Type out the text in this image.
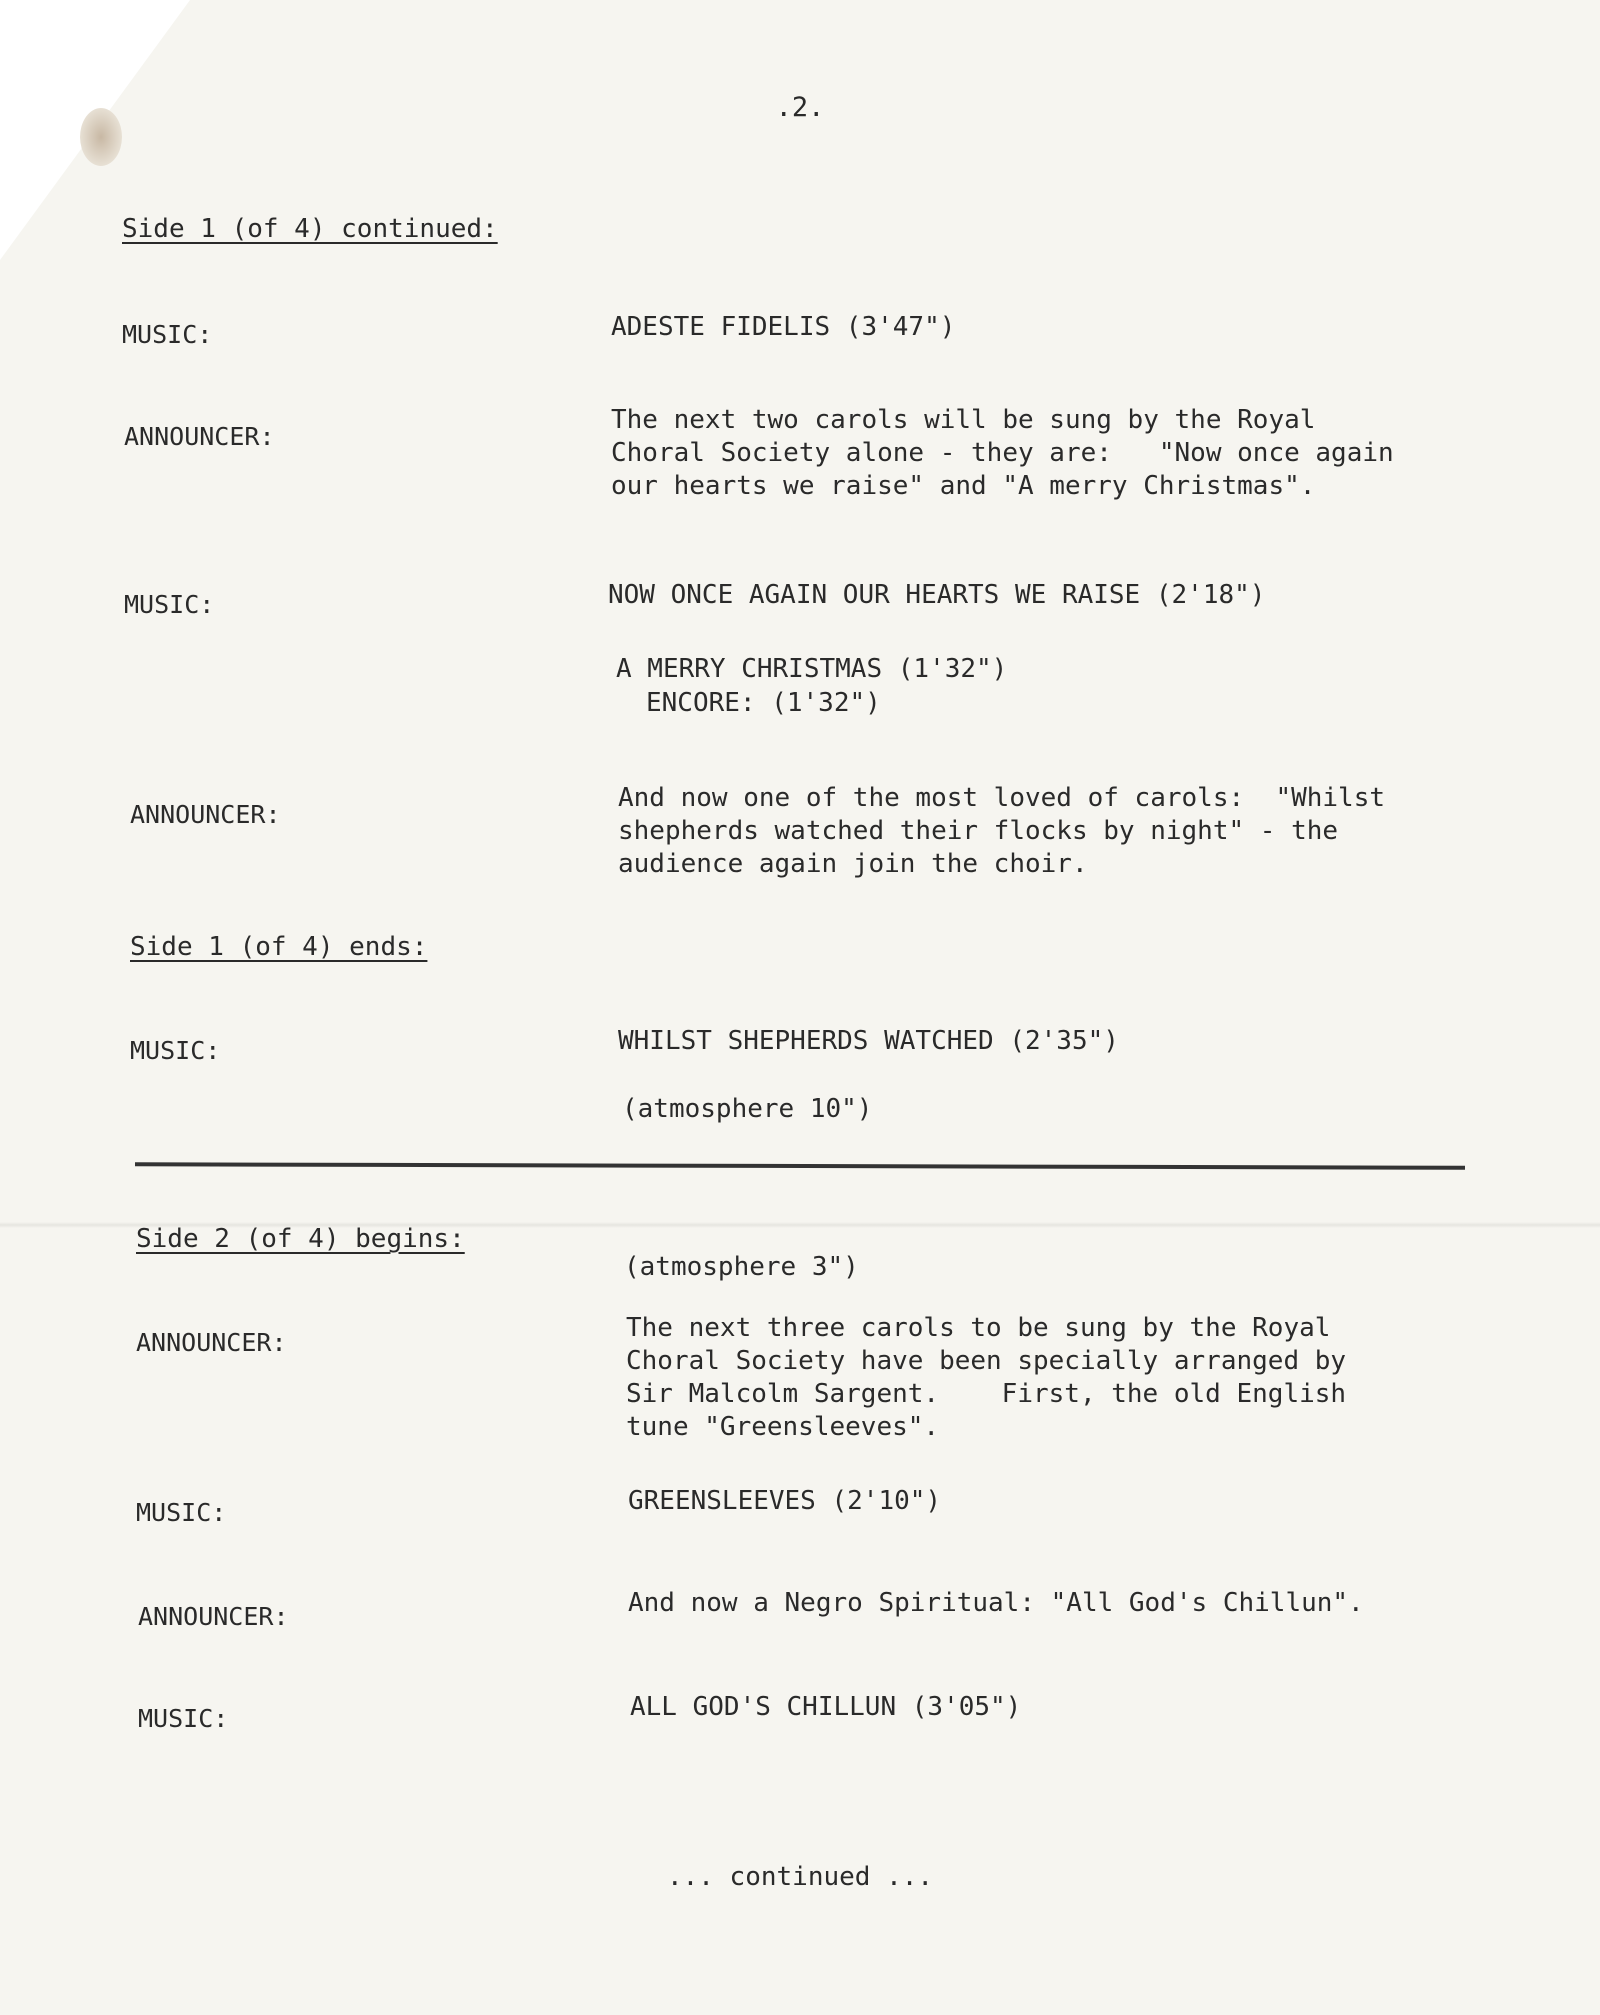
.2.
Side 1 (of 4) continued:
MUSIC:	ADESTE FIDELIS (3'47")
ANNOUNCER:
The next two carols will be sung by the Royal
Choral Society alone - they are:   "Now once again
our hearts we raise" and "A merry Christmas".
MUSIC:	NOW ONCE AGAIN OUR HEARTS WE RAISE (2'18")
A MERRY CHRISTMAS (1'32")
ENCORE: (1'32")
ANNOUNCER:
And now one of the most loved of carols:  "Whilst
shepherds watched their flocks by night" - the
audience again join the choir.
Side 1 (of 4) ends:
MUSIC:	WHILST SHEPHERDS WATCHED (2'35")
(atmosphere 10")
Side 2 (of 4) begins:
(atmosphere 3")
ANNOUNCER:	The next three carols to be sung by the Royal
Choral Society have been specially arranged by
Sir Malcolm Sargent.    First, the old English
tune "Greensleeves".
MUSIC:	GREENSLEEVES (2'10")
ANNOUNCER:	And now a Negro Spiritual: "All God's Chillun".
MUSIC:	ALL GOD'S CHILLUN (3'05")
... continued ...
